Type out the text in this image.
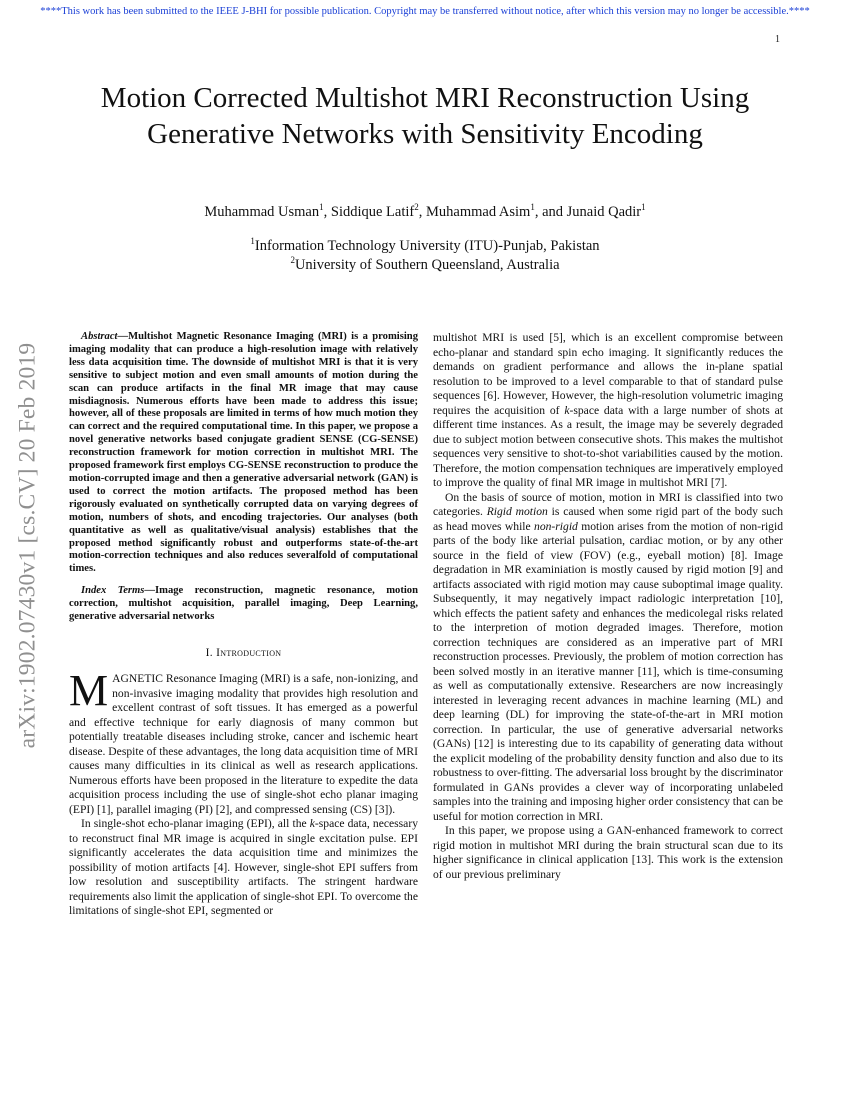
****This work has been submitted to the IEEE J-BHI for possible publication. Copyright may be transferred without notice, after which this version may no longer be accessible.****
1
arXiv:1902.07430v1 [cs.CV] 20 Feb 2019
Motion Corrected Multishot MRI Reconstruction Using Generative Networks with Sensitivity Encoding
Muhammad Usman$^1$, Siddique Latif$^2$, Muhammad Asim$^1$, and Junaid Qadir$^1$
$^1$Information Technology University (ITU)-Punjab, Pakistan
$^2$University of Southern Queensland, Australia

Abstract—Multishot Magnetic Resonance Imaging (MRI) is a promising imaging modality that can produce a high-resolution image with relatively less data acquisition time. The downside of multishot MRI is that it is very sensitive to subject motion and even small amounts of motion during the scan can produce artifacts in the final MR image that may cause misdiagnosis. Numerous efforts have been made to address this issue; however, all of these proposals are limited in terms of how much motion they can correct and the required computational time. In this paper, we propose a novel generative networks based conjugate gradient SENSE (CG-SENSE) reconstruction framework for motion correction in multishot MRI. The proposed framework first employs CG-SENSE reconstruction to produce the motion-corrupted image and then a generative adversarial network (GAN) is used to correct the motion artifacts. The proposed method has been rigorously evaluated on synthetically corrupted data on varying degrees of motion, numbers of shots, and encoding trajectories. Our analyses (both quantitative as well as qualitative/visual analysis) establishes that the proposed method significantly robust and outperforms state-of-the-art motion-correction techniques and also reduces severalfold of computational times.

Index Terms—Image reconstruction, magnetic resonance, motion correction, multishot acquisition, parallel imaging, Deep Learning, generative adversarial networks

I. Introduction

MAGNETIC Resonance Imaging (MRI) is a safe, non-ionizing, and non-invasive imaging modality that provides high resolution and excellent contrast of soft tissues. It has emerged as a powerful and effective technique for early diagnosis of many common but potentially treatable diseases including stroke, cancer and ischemic heart disease. Despite of these advantages, the long data acquisition time of MRI causes many difficulties in its clinical as well as research applications. Numerous efforts have been proposed in the literature to expedite the data acquisition process including the use of single-shot echo planar imaging (EPI) [1], parallel imaging (PI) [2], and compressed sensing (CS) [3]).

In single-shot echo-planar imaging (EPI), all the k-space data, necessary to reconstruct final MR image is acquired in single excitation pulse. EPI significantly accelerates the data acquisition time and minimizes the possibility of motion artifacts [4]. However, single-shot EPI suffers from low resolution and susceptibility artifacts. The stringent hardware requirements also limit the application of single-shot EPI. To overcome the limitations of single-shot EPI, segmented or

multishot MRI is used [5], which is an excellent compromise between echo-planar and standard spin echo imaging. It significantly reduces the demands on gradient performance and allows the in-plane spatial resolution to be improved to a level comparable to that of standard pulse sequences [6]. However, However, the high-resolution volumetric imaging requires the acquisition of k-space data with a large number of shots at different time instances. As a result, the image may be severely degraded due to subject motion between consecutive shots. This makes the multishot sequences very sensitive to shot-to-shot variabilities caused by the motion. Therefore, the motion compensation techniques are imperatively employed to improve the quality of final MR image in multishot MRI [7].

On the basis of source of motion, motion in MRI is classified into two categories. Rigid motion is caused when some rigid part of the body such as head moves while non-rigid motion arises from the motion of non-rigid parts of the body like arterial pulsation, cardiac motion, or by any other source in the field of view (FOV) (e.g., eyeball motion) [8]. Image degradation in MR examiniation is mostly caused by rigid motion [9] and artifacts associated with rigid motion may cause suboptimal image quality. Subsequently, it may negatively impact radiologic interpretation [10], which effects the patient safety and enhances the medicolegal risks related to the interpretion of motion degraded images. Therefore, motion correction techniques are considered as an imperative part of MRI reconstruction processes. Previously, the problem of motion correction has been solved mostly in an iterative manner [11], which is time-consuming as well as computationally extensive. Researchers are now increasingly interested in leveraging recent advances in machine learning (ML) and deep learning (DL) for improving the state-of-the-art in MRI motion correction. In particular, the use of generative adversarial networks (GANs) [12] is interesting due to its capability of generating data without the explicit modeling of the probability density function and also due to its robustness to over-fitting. The adversarial loss brought by the discriminator formulated in GANs provides a clever way of incorporating unlabeled samples into the training and imposing higher order consistency that can be useful for motion correction in MRI.

In this paper, we propose using a GAN-enhanced framework to correct rigid motion in multishot MRI during the brain structural scan due to its higher significance in clinical application [13]. This work is the extension of our previous preliminary
